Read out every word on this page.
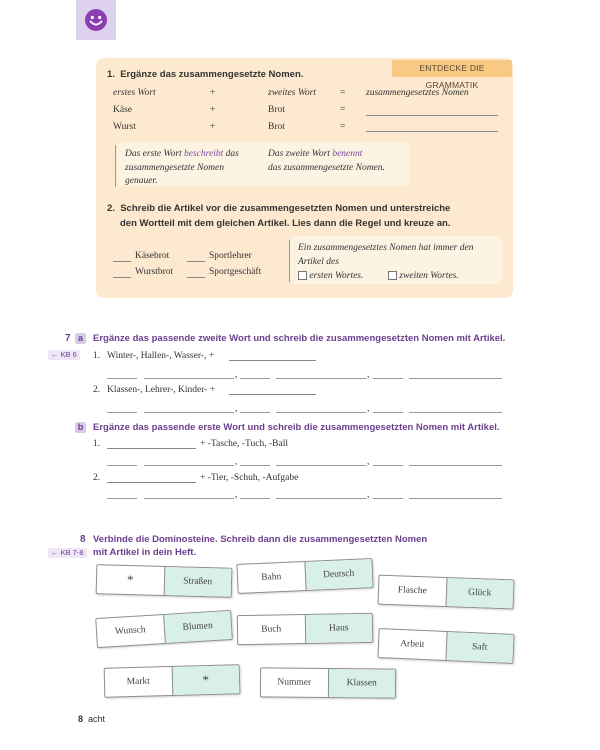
ENTDECKE DIE GRAMMATIK
1.  Ergänze das zusammengesetzte Nomen.
erstes Wort	+	zweites Wort	= zusammengesetztes Nomen
Käse	+	Brot	=
Wurst	+	Brot	=
Das erste Wort beschreibt das
zusammengesetzte Nomen
genauer.
Das zweite Wort benennt
das zusammengesetzte Nomen.
2.  Schreib die Artikel vor die zusammengesetzten Nomen und unterstreiche
den Wortteil mit dem gleichen Artikel. Lies dann die Regel und kreuze an.
Käsebrot	Sportlehrer
Wurstbrot	Sportgeschäft
Ein zusammengesetztes Nomen hat immer den
Artikel des
ersten Wortes.	zweiten Wortes.
7 a	Ergänze das passende zweite Wort und schreib die zusammengesetzten Nomen mit Artikel.
← KB 6	1. Winter-, Hallen-, Wasser-, +
,	,
2. Klassen-, Lehrer-, Kinder- +
,	,
b Ergänze das passende erste Wort und schreib die zusammengesetzten Nomen mit Artikel.
1.	+ -Tasche, -Tuch, -Ball
,	,
2.	+ -Tier, -Schuh, -Aufgabe
,	,
8 Verbinde die Dominosteine. Schreib dann die zusammengesetzten Nomen
mit Artikel in dein Heft.
← KB 7-8
*	Straßen	Bahn	Deutsch
Flasche	Glück
Wunsch	Blumen	Buch	Haus
Arbeit	Saft
Markt	*	Nummer	Klassen
8 acht
